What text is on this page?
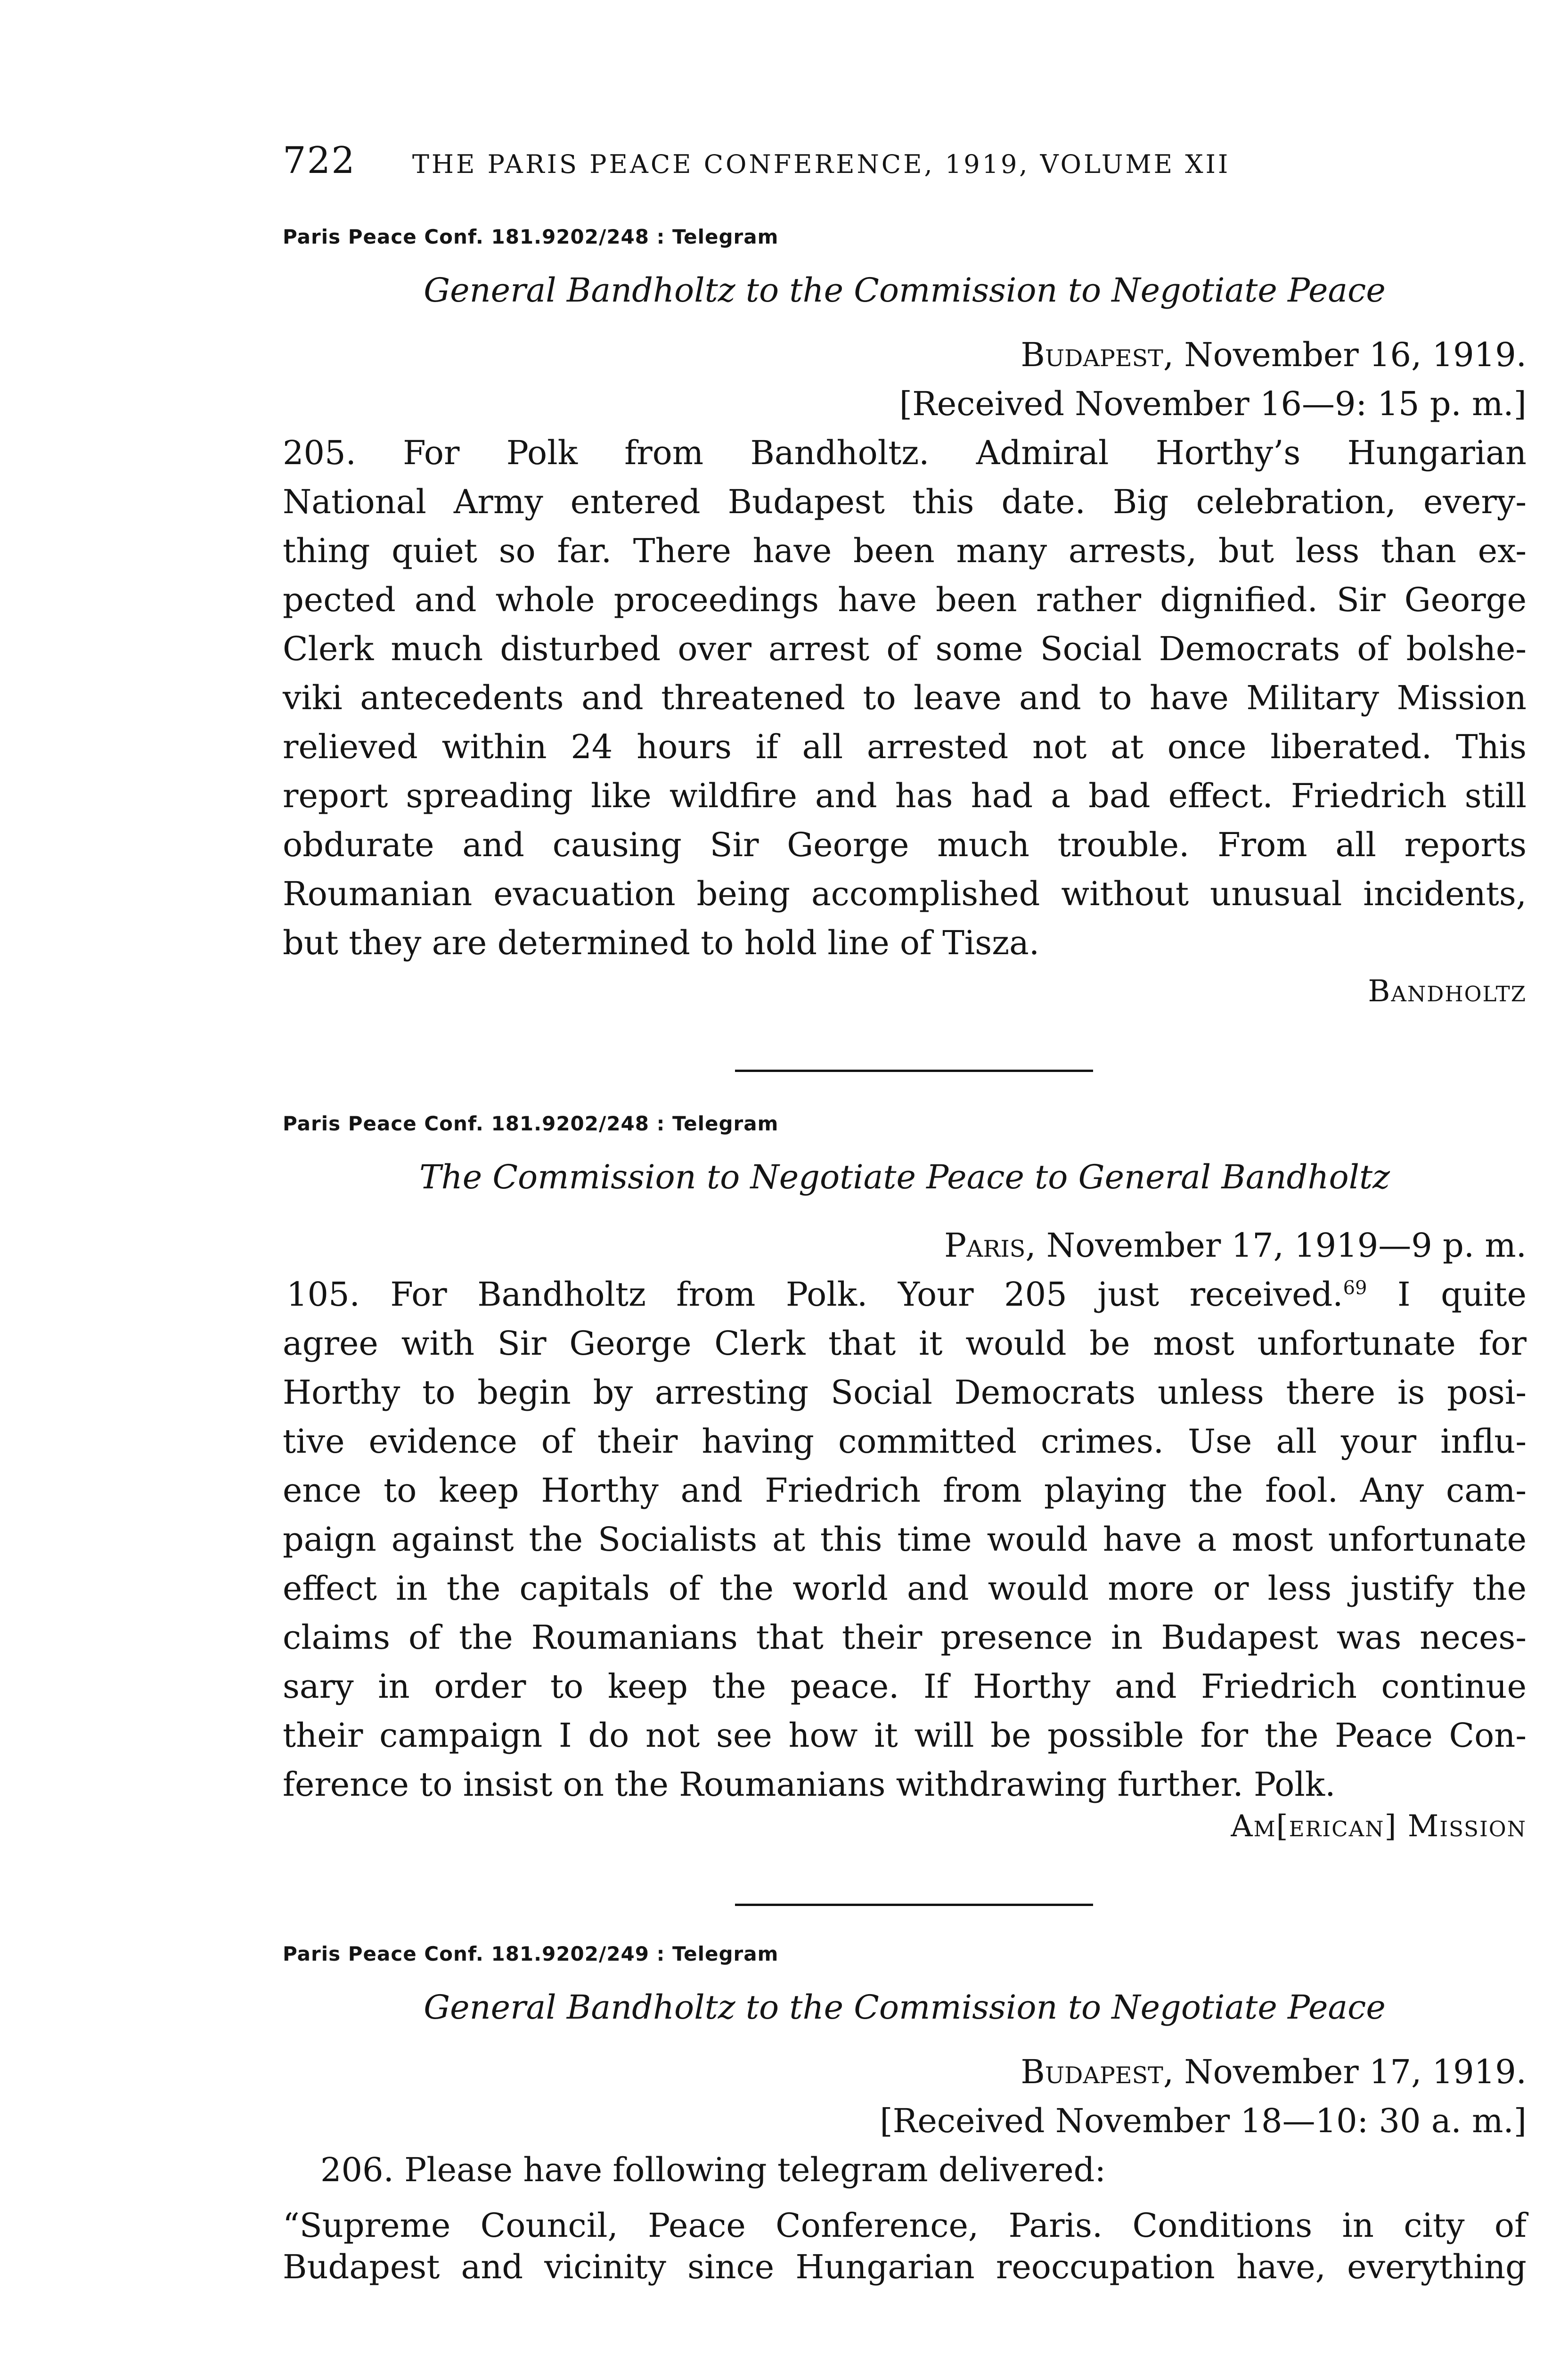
722 THE PARIS PEACE CONFERENCE, 1919, VOLUME XII
Paris Peace Conf. 181.9202/248 : Telegram
General Bandholtz to the Commission to Negotiate Peace
Budapest, November 16, 1919.
[Received November 16—9: 15 p. m.]
205. For Polk from Bandholtz. Admiral Horthy’s Hungarian
National Army entered Budapest this date. Big celebration, every-
thing quiet so far. There have been many arrests, but less than ex-
pected and whole proceedings have been rather dignified. Sir George
Clerk much disturbed over arrest of some Social Democrats of bolshe-
viki antecedents and threatened to leave and to have Military Mission
relieved within 24 hours if all arrested not at once liberated. This
report spreading like wildfire and has had a bad effect. Friedrich still
obdurate and causing Sir George much trouble. From all reports
Roumanian evacuation being accomplished without unusual incidents,
but they are determined to hold line of Tisza.
Bandholtz
Paris Peace Conf. 181.9202/248 : Telegram
The Commission to Negotiate Peace to General Bandholtz
Paris, November 17, 1919—9 p. m.
105. For Bandholtz from Polk. Your 205 just received.$^{69}$ I quite
agree with Sir George Clerk that it would be most unfortunate for
Horthy to begin by arresting Social Democrats unless there is posi-
tive evidence of their having committed crimes. Use all your influ-
ence to keep Horthy and Friedrich from playing the fool. Any cam-
paign against the Socialists at this time would have a most unfortunate
effect in the capitals of the world and would more or less justify the
claims of the Roumanians that their presence in Budapest was neces-
sary in order to keep the peace. If Horthy and Friedrich continue
their campaign I do not see how it will be possible for the Peace Con-
ference to insist on the Roumanians withdrawing further. Polk.
Am[erican] Mission
Paris Peace Conf. 181.9202/249 : Telegram
General Bandholtz to the Commission to Negotiate Peace
Budapest, November 17, 1919.
[Received November 18—10: 30 a. m.]
206. Please have following telegram delivered:
“Supreme Council, Peace Conference, Paris. Conditions in city of
Budapest and vicinity since Hungarian reoccupation have, everything
